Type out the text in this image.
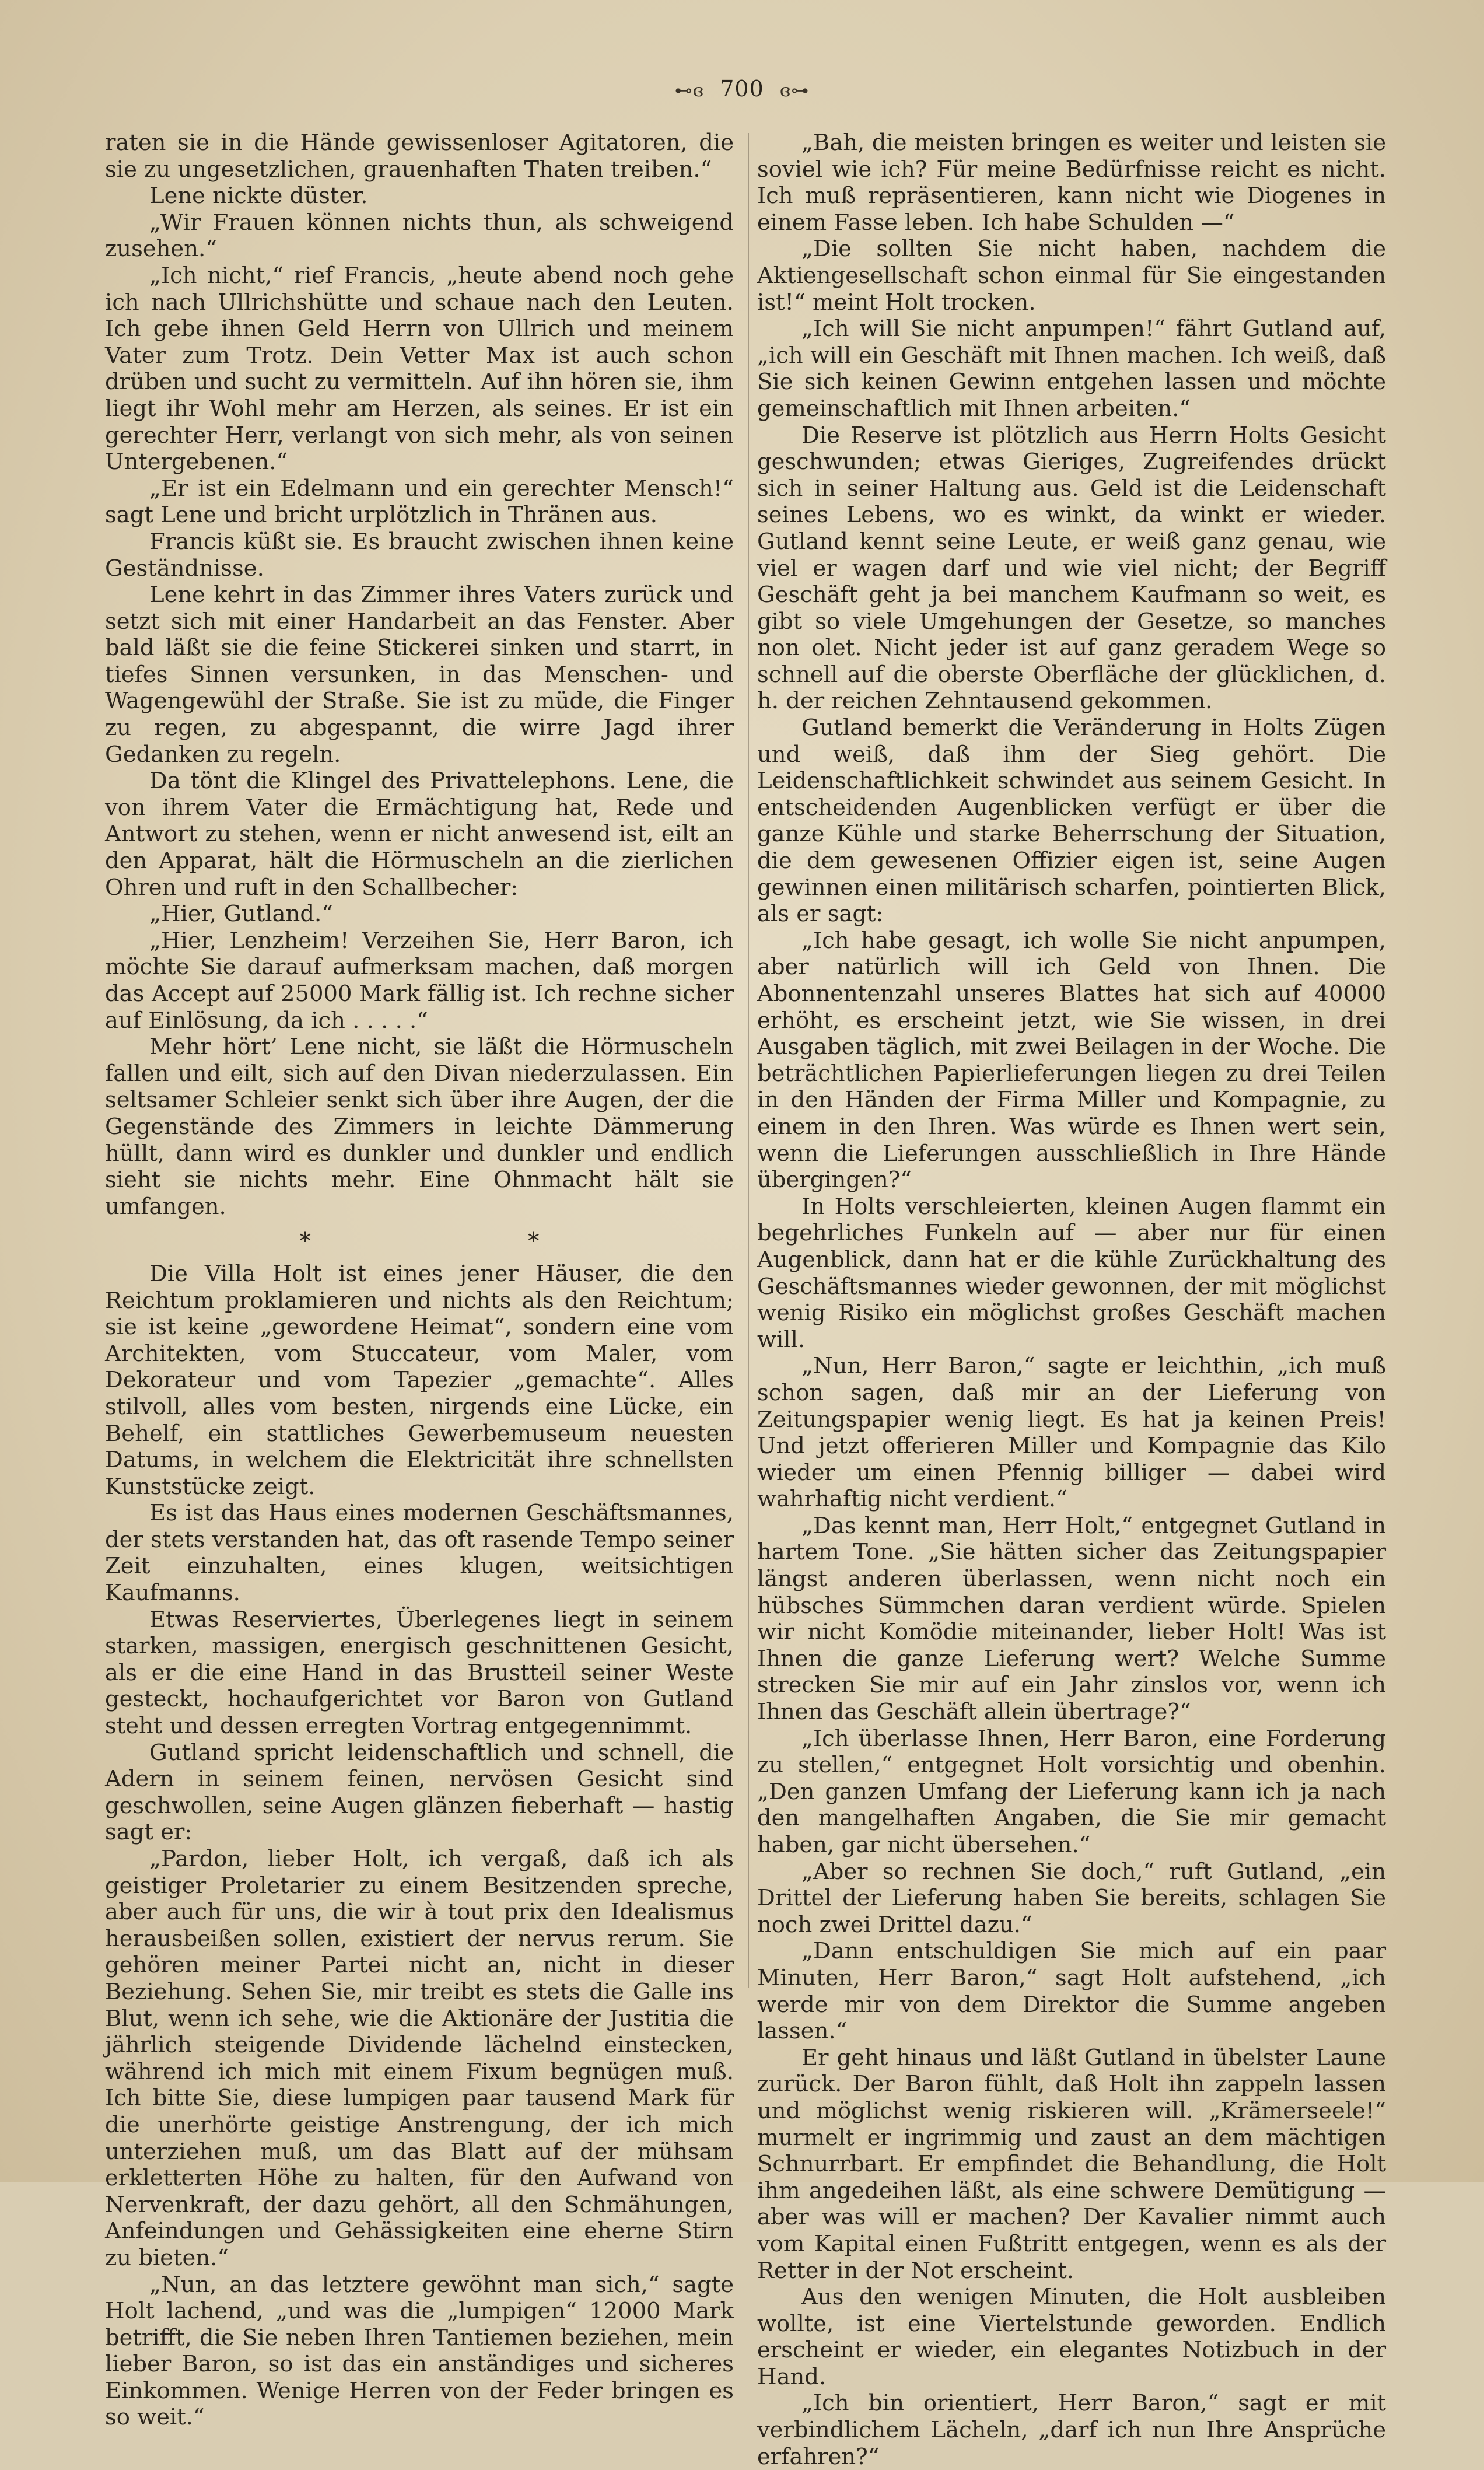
⊷ɞ 700 ɞ⊶

raten sie in die Hände gewissenloser Agitatoren, die sie zu ungesetzlichen, grauenhaften Thaten treiben.“

Lene nickte düster.

„Wir Frauen können nichts thun, als schweigend zusehen.“

„Ich nicht,“ rief Francis, „heute abend noch gehe ich nach Ullrichshütte und schaue nach den Leuten. Ich gebe ihnen Geld Herrn von Ullrich und meinem Vater zum Trotz. Dein Vetter Max ist auch schon drüben und sucht zu vermitteln. Auf ihn hören sie, ihm liegt ihr Wohl mehr am Herzen, als seines. Er ist ein gerechter Herr, verlangt von sich mehr, als von seinen Untergebenen.“

„Er ist ein Edelmann und ein gerechter Mensch!“ sagt Lene und bricht urplötzlich in Thränen aus.

Francis küßt sie. Es braucht zwischen ihnen keine Geständnisse.

Lene kehrt in das Zimmer ihres Vaters zurück und setzt sich mit einer Handarbeit an das Fenster. Aber bald läßt sie die feine Stickerei sinken und starrt, in tiefes Sinnen versunken, in das Menschen- und Wagengewühl der Straße. Sie ist zu müde, die Finger zu regen, zu abgespannt, die wirre Jagd ihrer Gedanken zu regeln.

Da tönt die Klingel des Privattelephons. Lene, die von ihrem Vater die Ermächtigung hat, Rede und Antwort zu stehen, wenn er nicht anwesend ist, eilt an den Apparat, hält die Hörmuscheln an die zierlichen Ohren und ruft in den Schallbecher:

„Hier, Gutland.“

„Hier, Lenzheim! Verzeihen Sie, Herr Baron, ich möchte Sie darauf aufmerksam machen, daß morgen das Accept auf 25000 Mark fällig ist. Ich rechne sicher auf Einlösung, da ich . . . . .“

Mehr hört’ Lene nicht, sie läßt die Hörmuscheln fallen und eilt, sich auf den Divan niederzulassen. Ein seltsamer Schleier senkt sich über ihre Augen, der die Gegenstände des Zimmers in leichte Dämmerung hüllt, dann wird es dunkler und dunkler und endlich sieht sie nichts mehr. Eine Ohnmacht hält sie umfangen.

* *

Die Villa Holt ist eines jener Häuser, die den Reichtum proklamieren und nichts als den Reichtum; sie ist keine „gewordene Heimat“, sondern eine vom Architekten, vom Stuccateur, vom Maler, vom Dekorateur und vom Tapezier „gemachte“. Alles stilvoll, alles vom besten, nirgends eine Lücke, ein Behelf, ein stattliches Gewerbemuseum neuesten Datums, in welchem die Elektricität ihre schnellsten Kunststücke zeigt.

Es ist das Haus eines modernen Geschäftsmannes, der stets verstanden hat, das oft rasende Tempo seiner Zeit einzuhalten, eines klugen, weitsichtigen Kaufmanns.

Etwas Reserviertes, Überlegenes liegt in seinem starken, massigen, energisch geschnittenen Gesicht, als er die eine Hand in das Brustteil seiner Weste gesteckt, hochaufgerichtet vor Baron von Gutland steht und dessen erregten Vortrag entgegennimmt.

Gutland spricht leidenschaftlich und schnell, die Adern in seinem feinen, nervösen Gesicht sind geschwollen, seine Augen glänzen fieberhaft — hastig sagt er:

„Pardon, lieber Holt, ich vergaß, daß ich als geistiger Proletarier zu einem Besitzenden spreche, aber auch für uns, die wir à tout prix den Idealismus herausbeißen sollen, existiert der nervus rerum. Sie gehören meiner Partei nicht an, nicht in dieser Beziehung. Sehen Sie, mir treibt es stets die Galle ins Blut, wenn ich sehe, wie die Aktionäre der Justitia die jährlich steigende Dividende lächelnd einstecken, während ich mich mit einem Fixum begnügen muß. Ich bitte Sie, diese lumpigen paar tausend Mark für die unerhörte geistige Anstrengung, der ich mich unterziehen muß, um das Blatt auf der mühsam erkletterten Höhe zu halten, für den Aufwand von Nervenkraft, der dazu gehört, all den Schmähungen, Anfeindungen und Gehässigkeiten eine eherne Stirn zu bieten.“

„Nun, an das letztere gewöhnt man sich,“ sagte Holt lachend, „und was die „lumpigen“ 12000 Mark betrifft, die Sie neben Ihren Tantiemen beziehen, mein lieber Baron, so ist das ein anständiges und sicheres Einkommen. Wenige Herren von der Feder bringen es so weit.“

„Bah, die meisten bringen es weiter und leisten sie soviel wie ich? Für meine Bedürfnisse reicht es nicht. Ich muß repräsentieren, kann nicht wie Diogenes in einem Fasse leben. Ich habe Schulden —“

„Die sollten Sie nicht haben, nachdem die Aktiengesellschaft schon einmal für Sie eingestanden ist!“ meint Holt trocken.

„Ich will Sie nicht anpumpen!“ fährt Gutland auf, „ich will ein Geschäft mit Ihnen machen. Ich weiß, daß Sie sich keinen Gewinn entgehen lassen und möchte gemeinschaftlich mit Ihnen arbeiten.“

Die Reserve ist plötzlich aus Herrn Holts Gesicht geschwunden; etwas Gieriges, Zugreifendes drückt sich in seiner Haltung aus. Geld ist die Leidenschaft seines Lebens, wo es winkt, da winkt er wieder. Gutland kennt seine Leute, er weiß ganz genau, wie viel er wagen darf und wie viel nicht; der Begriff Geschäft geht ja bei manchem Kaufmann so weit, es gibt so viele Umgehungen der Gesetze, so manches non olet. Nicht jeder ist auf ganz geradem Wege so schnell auf die oberste Oberfläche der glücklichen, d. h. der reichen Zehntausend gekommen.

Gutland bemerkt die Veränderung in Holts Zügen und weiß, daß ihm der Sieg gehört. Die Leidenschaftlichkeit schwindet aus seinem Gesicht. In entscheidenden Augenblicken verfügt er über die ganze Kühle und starke Beherrschung der Situation, die dem gewesenen Offizier eigen ist, seine Augen gewinnen einen militärisch scharfen, pointierten Blick, als er sagt:

„Ich habe gesagt, ich wolle Sie nicht anpumpen, aber natürlich will ich Geld von Ihnen. Die Abonnentenzahl unseres Blattes hat sich auf 40000 erhöht, es erscheint jetzt, wie Sie wissen, in drei Ausgaben täglich, mit zwei Beilagen in der Woche. Die beträchtlichen Papierlieferungen liegen zu drei Teilen in den Händen der Firma Miller und Kompagnie, zu einem in den Ihren. Was würde es Ihnen wert sein, wenn die Lieferungen ausschließlich in Ihre Hände übergingen?“

In Holts verschleierten, kleinen Augen flammt ein begehrliches Funkeln auf — aber nur für einen Augenblick, dann hat er die kühle Zurückhaltung des Geschäftsmannes wieder gewonnen, der mit möglichst wenig Risiko ein möglichst großes Geschäft machen will.

„Nun, Herr Baron,“ sagte er leichthin, „ich muß schon sagen, daß mir an der Lieferung von Zeitungspapier wenig liegt. Es hat ja keinen Preis! Und jetzt offerieren Miller und Kompagnie das Kilo wieder um einen Pfennig billiger — dabei wird wahrhaftig nicht verdient.“

„Das kennt man, Herr Holt,“ entgegnet Gutland in hartem Tone. „Sie hätten sicher das Zeitungspapier längst anderen überlassen, wenn nicht noch ein hübsches Sümmchen daran verdient würde. Spielen wir nicht Komödie miteinander, lieber Holt! Was ist Ihnen die ganze Lieferung wert? Welche Summe strecken Sie mir auf ein Jahr zinslos vor, wenn ich Ihnen das Geschäft allein übertrage?“

„Ich überlasse Ihnen, Herr Baron, eine Forderung zu stellen,“ entgegnet Holt vorsichtig und obenhin. „Den ganzen Umfang der Lieferung kann ich ja nach den mangelhaften Angaben, die Sie mir gemacht haben, gar nicht übersehen.“

„Aber so rechnen Sie doch,“ ruft Gutland, „ein Drittel der Lieferung haben Sie bereits, schlagen Sie noch zwei Drittel dazu.“

„Dann entschuldigen Sie mich auf ein paar Minuten, Herr Baron,“ sagt Holt aufstehend, „ich werde mir von dem Direktor die Summe angeben lassen.“

Er geht hinaus und läßt Gutland in übelster Laune zurück. Der Baron fühlt, daß Holt ihn zappeln lassen und möglichst wenig riskieren will. „Krämerseele!“ murmelt er ingrimmig und zaust an dem mächtigen Schnurrbart. Er empfindet die Behandlung, die Holt ihm angedeihen läßt, als eine schwere Demütigung — aber was will er machen? Der Kavalier nimmt auch vom Kapital einen Fußtritt entgegen, wenn es als der Retter in der Not erscheint.

Aus den wenigen Minuten, die Holt ausbleiben wollte, ist eine Viertelstunde geworden. Endlich erscheint er wieder, ein elegantes Notizbuch in der Hand.

„Ich bin orientiert, Herr Baron,“ sagt er mit verbindlichem Lächeln, „darf ich nun Ihre Ansprüche erfahren?“
